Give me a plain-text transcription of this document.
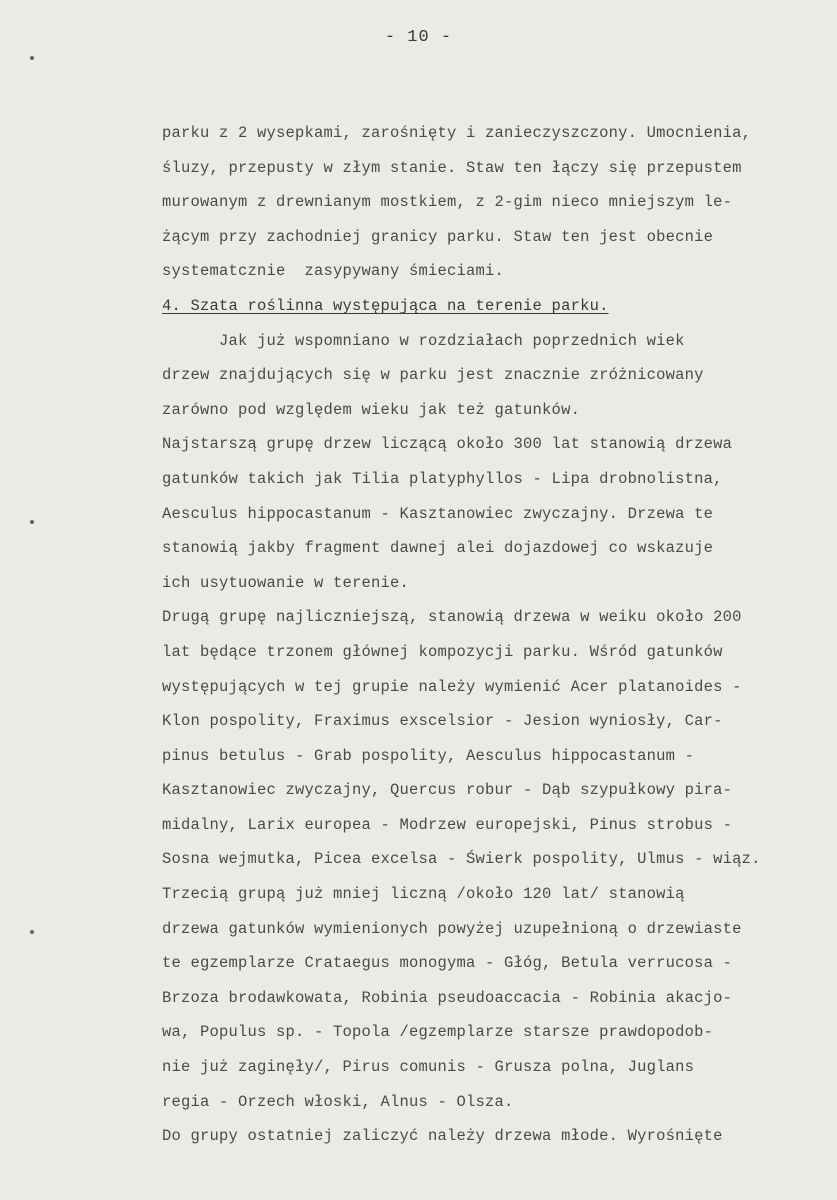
- 10 -
parku z 2 wysepkami, zarośnięty i zanieczyszczony. Umocnienia,
śluzy, przepusty w złym stanie. Staw ten łączy się przepustem
murowanym z drewnianym mostkiem, z 2-gim nieco mniejszym le-
żącym przy zachodniej granicy parku. Staw ten jest obecnie
systematcznie  zasypywany śmieciami.
4. Szata roślinna występująca na terenie parku.
Jak już wspomniano w rozdziałach poprzednich wiek
drzew znajdujących się w parku jest znacznie zróżnicowany
zarówno pod względem wieku jak też gatunków.
Najstarszą grupę drzew liczącą około 300 lat stanowią drzewa
gatunków takich jak Tilia platyphyllos - Lipa drobnolistna,
Aesculus hippocastanum - Kasztanowiec zwyczajny. Drzewa te
stanowią jakby fragment dawnej alei dojazdowej co wskazuje
ich usytuowanie w terenie.
Drugą grupę najliczniejszą, stanowią drzewa w weiku około 200
lat będące trzonem głównej kompozycji parku. Wśród gatunków
występujących w tej grupie należy wymienić Acer platanoides -
Klon pospolity, Fraximus exscelsior - Jesion wyniosły, Car-
pinus betulus - Grab pospolity, Aesculus hippocastanum -
Kasztanowiec zwyczajny, Quercus robur - Dąb szypułkowy pira-
midalny, Larix europea - Modrzew europejski, Pinus strobus -
Sosna wejmutka, Picea excelsa - Świerk pospolity, Ulmus - wiąz.
Trzecią grupą już mniej liczną /około 120 lat/ stanowią
drzewa gatunków wymienionych powyżej uzupełnioną o drzewiaste
te egzemplarze Crataegus monogyma - Głóg, Betula verrucosa -
Brzoza brodawkowata, Robinia pseudoaccacia - Robinia akacjo-
wa, Populus sp. - Topola /egzemplarze starsze prawdopodob-
nie już zaginęły/, Pirus comunis - Grusza polna, Juglans
regia - Orzech włoski, Alnus - Olsza.
Do grupy ostatniej zaliczyć należy drzewa młode. Wyrośnięte
